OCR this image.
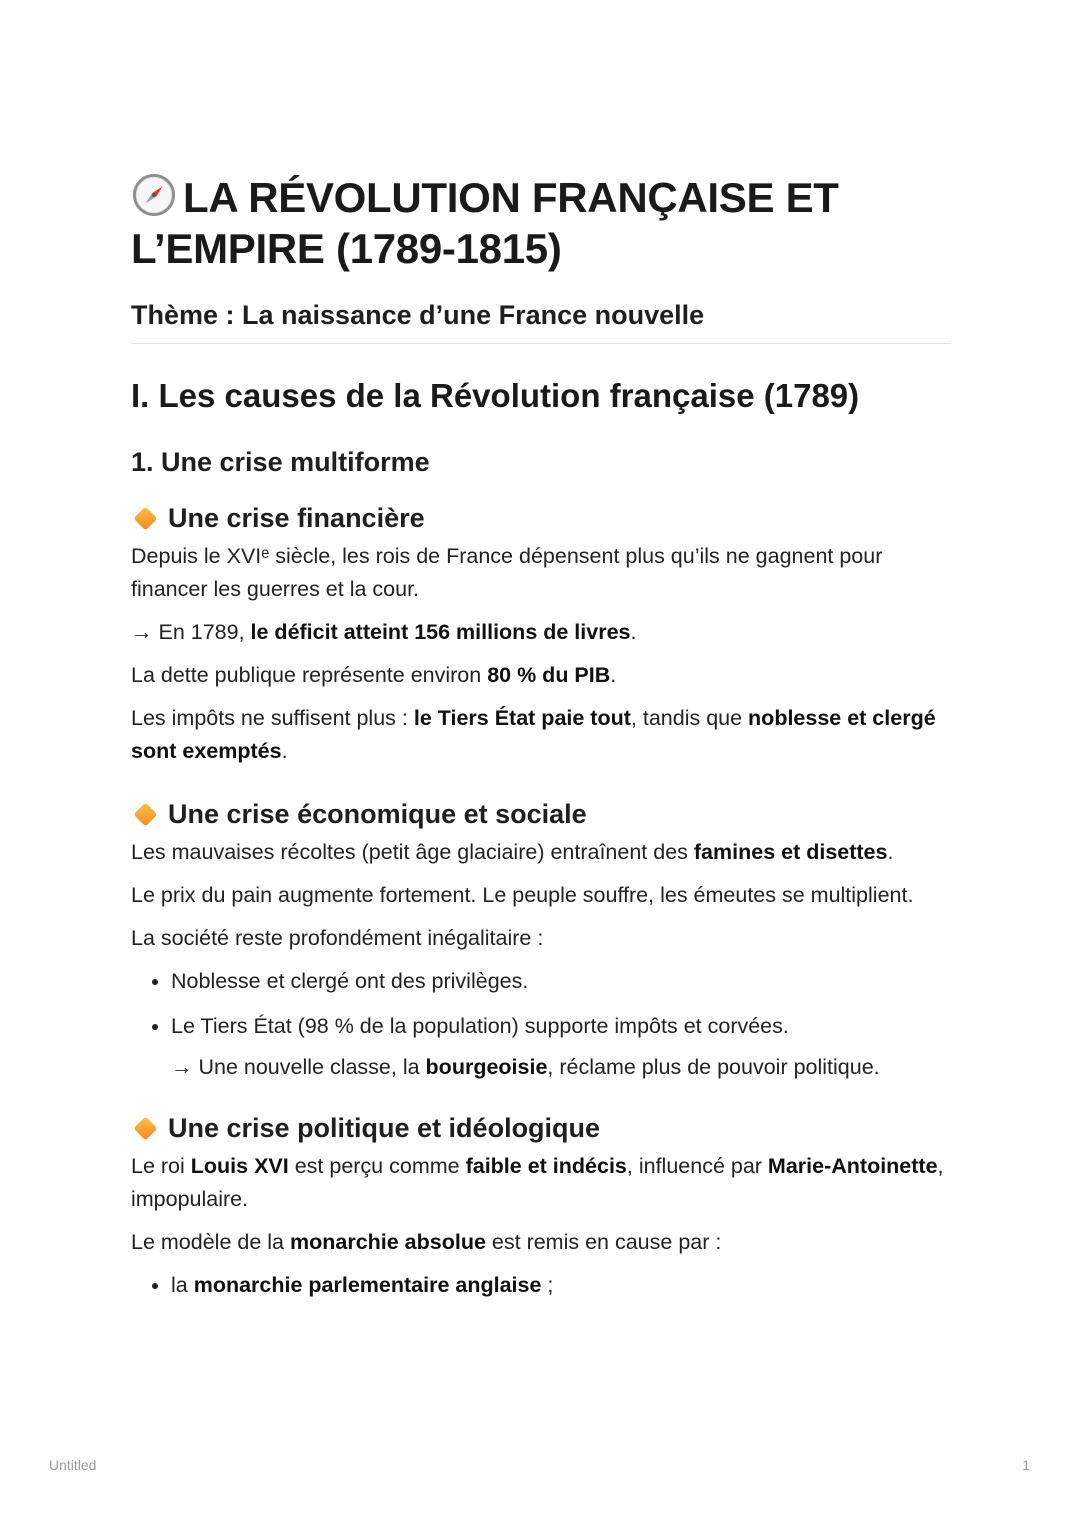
LA RÉVOLUTION FRANÇAISE ET L’EMPIRE (1789-1815)
Thème : La naissance d’une France nouvelle
I. Les causes de la Révolution française (1789)
1. Une crise multiforme
Une crise financière

Depuis le XVIᵉ siècle, les rois de France dépensent plus qu’ils ne gagnent pour financer les guerres et la cour.

→ En 1789, le déficit atteint 156 millions de livres.

La dette publique représente environ 80 % du PIB.

Les impôts ne suffisent plus : le Tiers État paie tout, tandis que noblesse et clergé sont exemptés.

Une crise économique et sociale

Les mauvaises récoltes (petit âge glaciaire) entraînent des famines et disettes.

Le prix du pain augmente fortement. Le peuple souffre, les émeutes se multiplient.

La société reste profondément inégalitaire :

• Noblesse et clergé ont des privilèges.
• Le Tiers État (98 % de la population) supporte impôts et corvées.
→ Une nouvelle classe, la bourgeoisie, réclame plus de pouvoir politique.
Une crise politique et idéologique

Le roi Louis XVI est perçu comme faible et indécis, influencé par Marie-Antoinette, impopulaire.

Le modèle de la monarchie absolue est remis en cause par :

• la monarchie parlementaire anglaise ;
Untitled	1
